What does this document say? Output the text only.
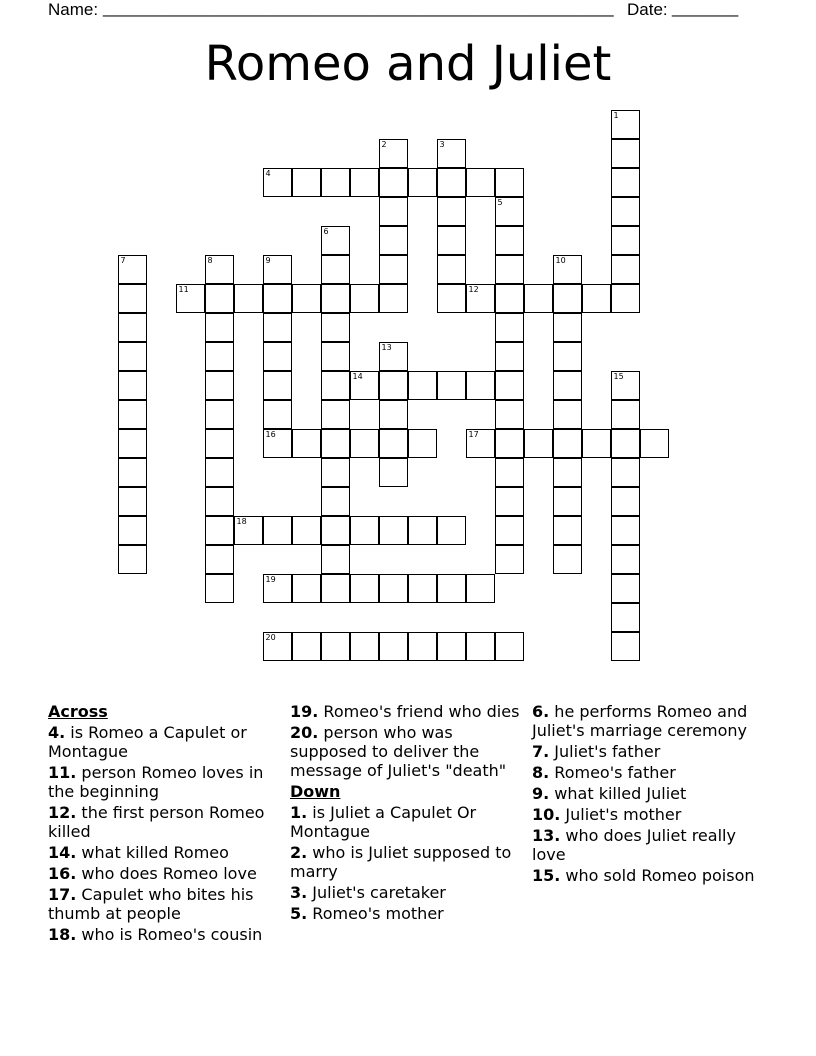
Name: ______________________________________________________ Date: _______
Romeo and Juliet
1
2	3
4
5
6
7	8	9	10
11	12
13
14	15
16	17
18
19
20
Across
4. is Romeo a Capulet or Montague
11. person Romeo loves in the beginning
12. the first person Romeo killed
14. what killed Romeo
16. who does Romeo love
17. Capulet who bites his thumb at people
18. who is Romeo's cousin
19. Romeo's friend who dies
20. person who was supposed to deliver the message of Juliet's "death"
Down
1. is Juliet a Capulet Or Montague
2. who is Juliet supposed to marry
3. Juliet's caretaker
5. Romeo's mother
6. he performs Romeo and Juliet's marriage ceremony
7. Juliet's father
8. Romeo's father
9. what killed Juliet
10. Juliet's mother
13. who does Juliet really love
15. who sold Romeo poison
